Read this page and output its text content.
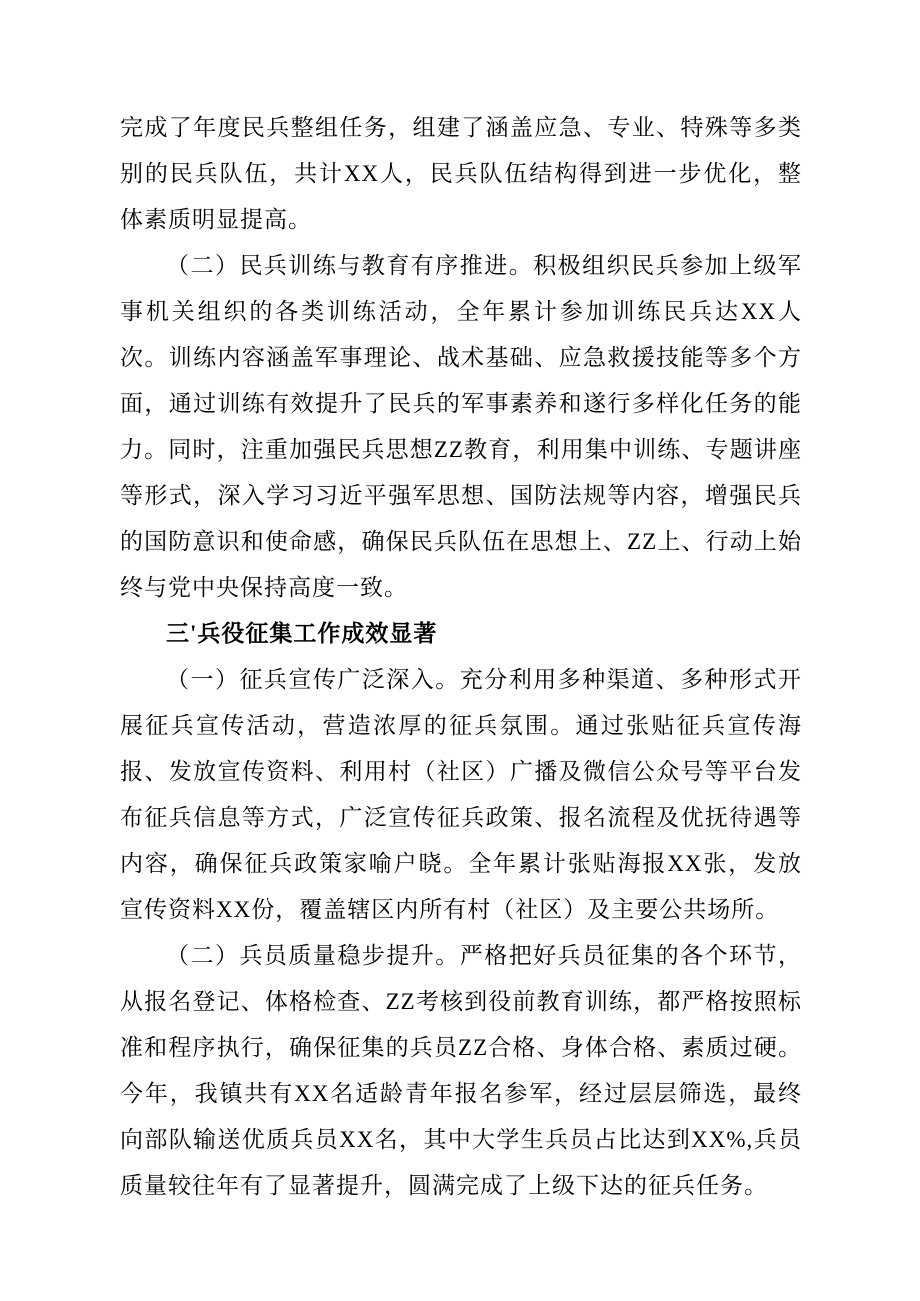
完成了年度民兵整组任务，组建了涵盖应急、专业、特殊等多类别的民兵队伍，共计XX人，民兵队伍结构得到进一步优化，整体素质明显提高。

（二）民兵训练与教育有序推进。积极组织民兵参加上级军事机关组织的各类训练活动，全年累计参加训练民兵达XX人次。训练内容涵盖军事理论、战术基础、应急救援技能等多个方面，通过训练有效提升了民兵的军事素养和遂行多样化任务的能力。同时，注重加强民兵思想ZZ教育，利用集中训练、专题讲座等形式，深入学习习近平强军思想、国防法规等内容，增强民兵的国防意识和使命感，确保民兵队伍在思想上、ZZ上、行动上始终与党中央保持高度一致。

三'兵役征集工作成效显著

（一）征兵宣传广泛深入。充分利用多种渠道、多种形式开展征兵宣传活动，营造浓厚的征兵氛围。通过张贴征兵宣传海报、发放宣传资料、利用村（社区）广播及微信公众号等平台发布征兵信息等方式，广泛宣传征兵政策、报名流程及优抚待遇等内容，确保征兵政策家喻户晓。全年累计张贴海报XX张，发放宣传资料XX份，覆盖辖区内所有村（社区）及主要公共场所。

（二）兵员质量稳步提升。严格把好兵员征集的各个环节，从报名登记、体格检查、ZZ考核到役前教育训练，都严格按照标准和程序执行，确保征集的兵员ZZ合格、身体合格、素质过硬。今年，我镇共有XX名适龄青年报名参军，经过层层筛选，最终向部队输送优质兵员XX名，其中大学生兵员占比达到XX%,兵员质量较往年有了显著提升，圆满完成了上级下达的征兵任务。
